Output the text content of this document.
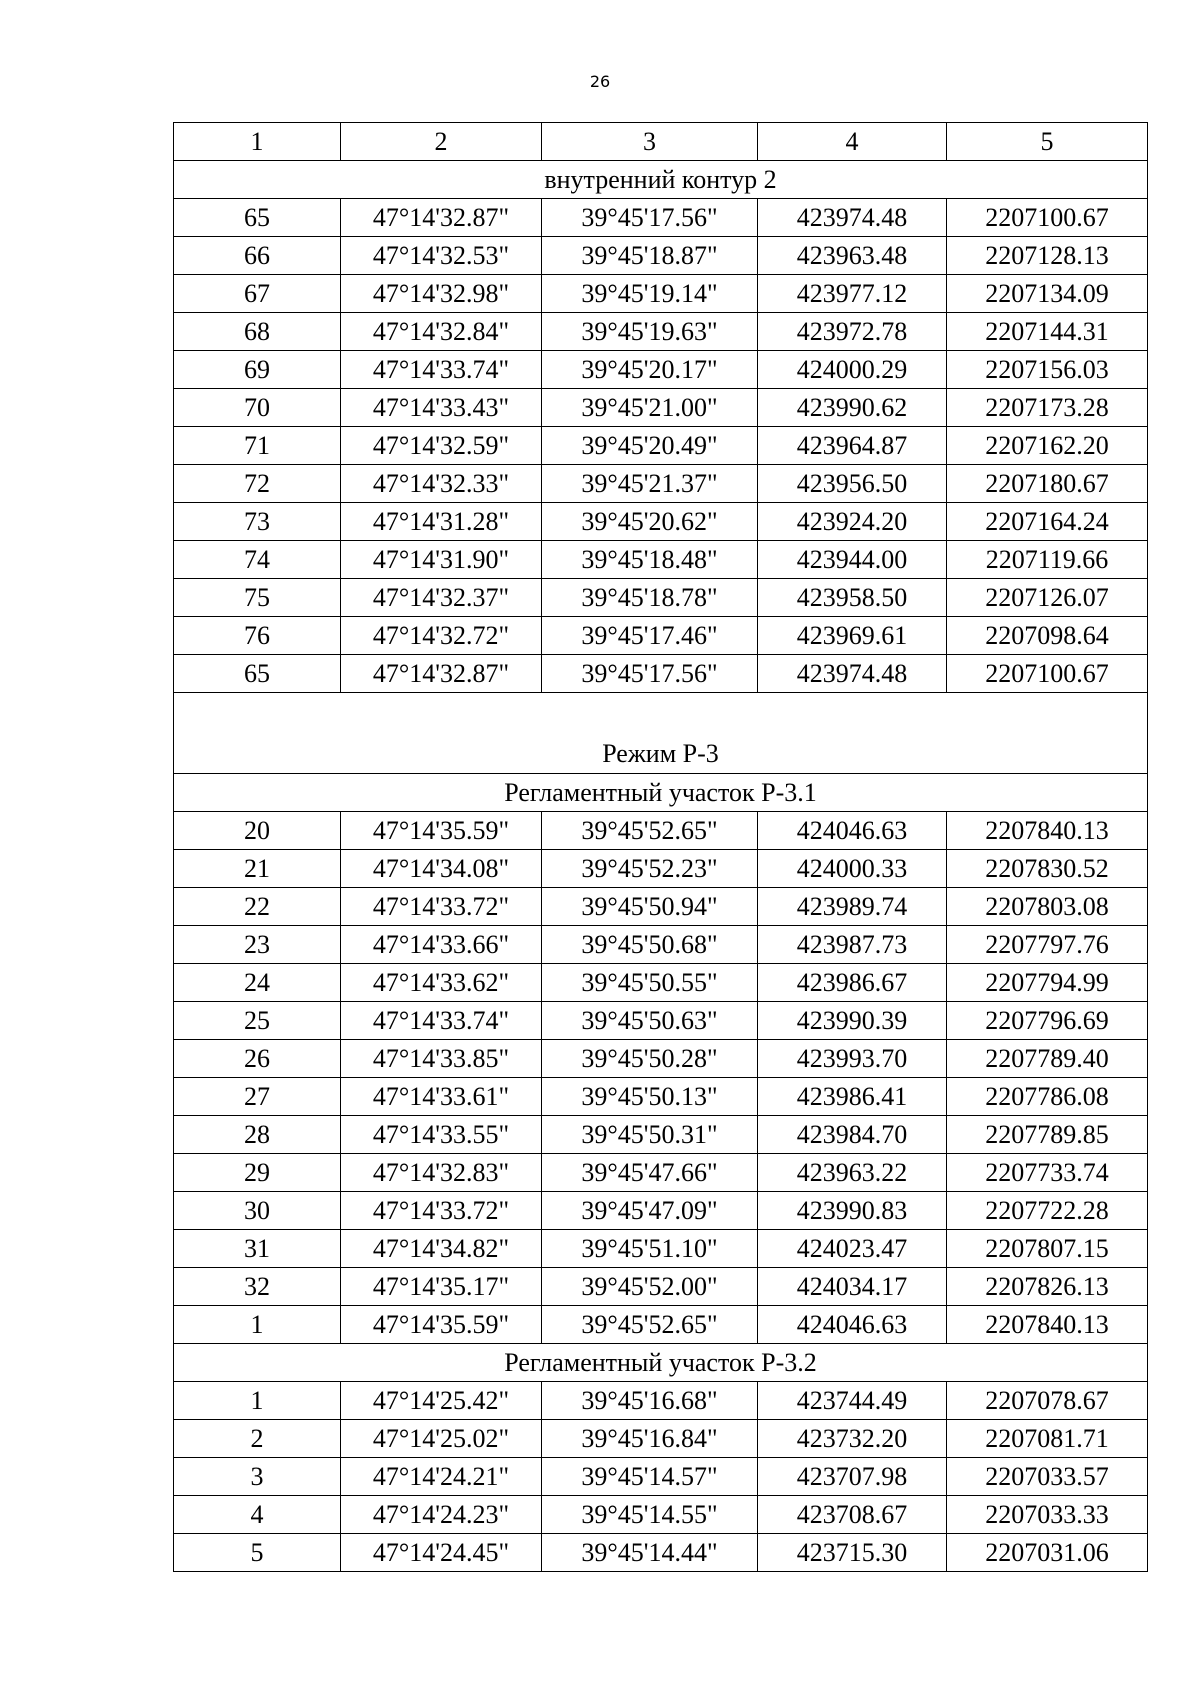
26
1	2	3	4	5
внутренний контур 2				
65	47°14'32.87"	39°45'17.56"	423974.48	2207100.67
66	47°14'32.53"	39°45'18.87"	423963.48	2207128.13
67	47°14'32.98"	39°45'19.14"	423977.12	2207134.09
68	47°14'32.84"	39°45'19.63"	423972.78	2207144.31
69	47°14'33.74"	39°45'20.17"	424000.29	2207156.03
70	47°14'33.43"	39°45'21.00"	423990.62	2207173.28
71	47°14'32.59"	39°45'20.49"	423964.87	2207162.20
72	47°14'32.33"	39°45'21.37"	423956.50	2207180.67
73	47°14'31.28"	39°45'20.62"	423924.20	2207164.24
74	47°14'31.90"	39°45'18.48"	423944.00	2207119.66
75	47°14'32.37"	39°45'18.78"	423958.50	2207126.07
76	47°14'32.72"	39°45'17.46"	423969.61	2207098.64
65	47°14'32.87"	39°45'17.56"	423974.48	2207100.67
Режим Р-3				
Регламентный участок Р-3.1				
20	47°14'35.59"	39°45'52.65"	424046.63	2207840.13
21	47°14'34.08"	39°45'52.23"	424000.33	2207830.52
22	47°14'33.72"	39°45'50.94"	423989.74	2207803.08
23	47°14'33.66"	39°45'50.68"	423987.73	2207797.76
24	47°14'33.62"	39°45'50.55"	423986.67	2207794.99
25	47°14'33.74"	39°45'50.63"	423990.39	2207796.69
26	47°14'33.85"	39°45'50.28"	423993.70	2207789.40
27	47°14'33.61"	39°45'50.13"	423986.41	2207786.08
28	47°14'33.55"	39°45'50.31"	423984.70	2207789.85
29	47°14'32.83"	39°45'47.66"	423963.22	2207733.74
30	47°14'33.72"	39°45'47.09"	423990.83	2207722.28
31	47°14'34.82"	39°45'51.10"	424023.47	2207807.15
32	47°14'35.17"	39°45'52.00"	424034.17	2207826.13
1	47°14'35.59"	39°45'52.65"	424046.63	2207840.13
Регламентный участок Р-3.2				
1	47°14'25.42"	39°45'16.68"	423744.49	2207078.67
2	47°14'25.02"	39°45'16.84"	423732.20	2207081.71
3	47°14'24.21"	39°45'14.57"	423707.98	2207033.57
4	47°14'24.23"	39°45'14.55"	423708.67	2207033.33
5	47°14'24.45"	39°45'14.44"	423715.30	2207031.06
